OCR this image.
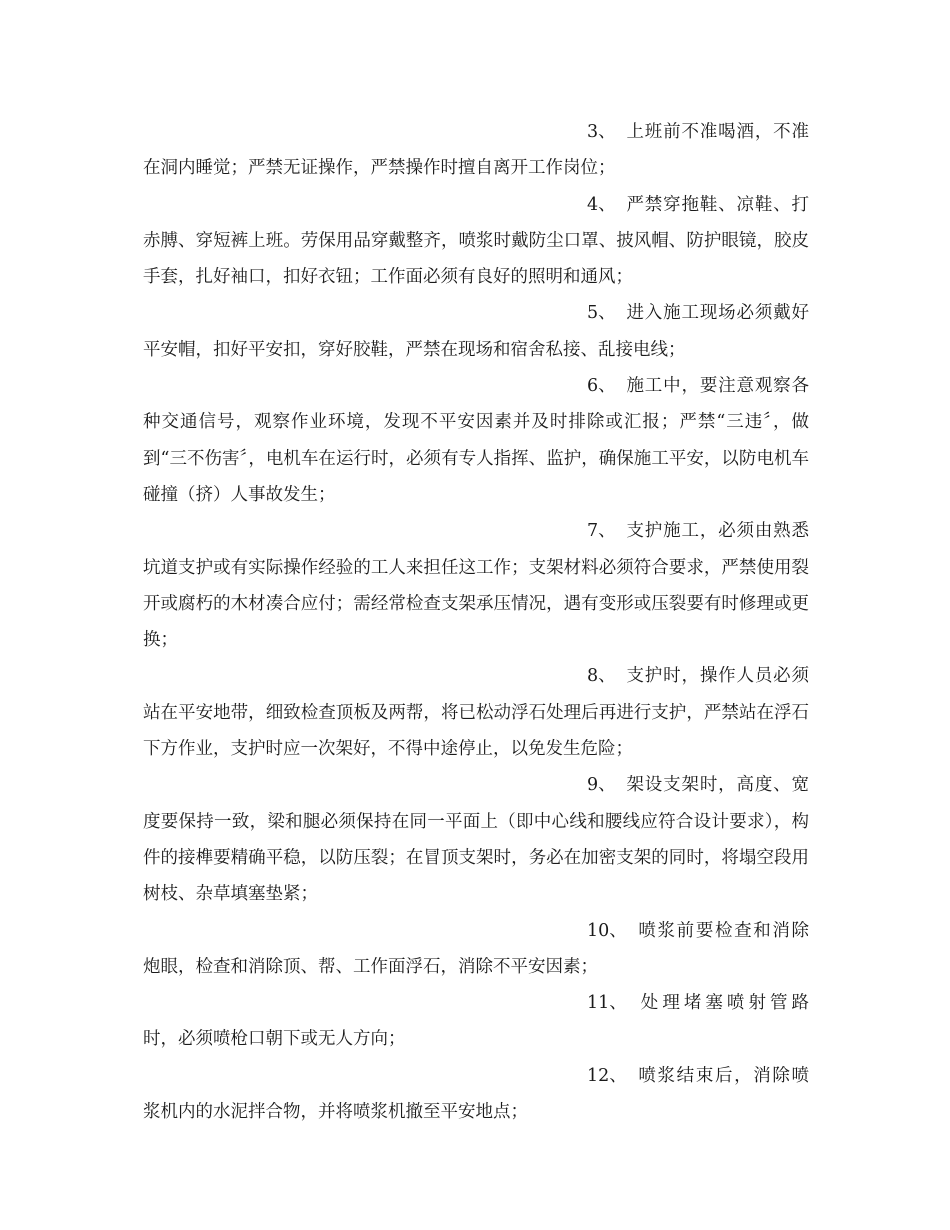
3、 上班前不准喝酒，不准在洞内睡觉；严禁无证操作，严禁操作时擅自离开工作岗位；

4、 严禁穿拖鞋、凉鞋、打赤膊、穿短裤上班。劳保用品穿戴整齐，喷浆时戴防尘口罩、披风帽、防护眼镜，胶皮手套，扎好袖口，扣好衣钮；工作面必须有良好的照明和通风；

5、 进入施工现场必须戴好平安帽，扣好平安扣，穿好胶鞋，严禁在现场和宿舍私接、乱接电线；

6、 施工中，要注意观察各种交通信号，观察作业环境，发现不平安因素并及时排除或汇报；严禁“三违〞，做到“三不伤害〞，电机车在运行时，必须有专人指挥、监护，确保施工平安，以防电机车碰撞（挤）人事故发生；

7、 支护施工，必须由熟悉坑道支护或有实际操作经验的工人来担任这工作；支架材料必须符合要求，严禁使用裂开或腐朽的木材凑合应付；需经常检查支架承压情况，遇有变形或压裂要有时修理或更换；

8、 支护时，操作人员必须站在平安地带，细致检查顶板及两帮，将已松动浮石处理后再进行支护，严禁站在浮石下方作业，支护时应一次架好，不得中途停止，以免发生危险；

9、 架设支架时，高度、宽度要保持一致，梁和腿必须保持在同一平面上（即中心线和腰线应符合设计要求），构件的接榫要精确平稳，以防压裂；在冒顶支架时，务必在加密支架的同时，将塌空段用树枝、杂草填塞垫紧；

10、 喷浆前要检查和消除炮眼，检查和消除顶、帮、工作面浮石，消除不平安因素；

11、 处理堵塞喷射管路时，必须喷枪口朝下或无人方向；

12、 喷浆结束后，消除喷浆机内的水泥拌合物，并将喷浆机撤至平安地点；
